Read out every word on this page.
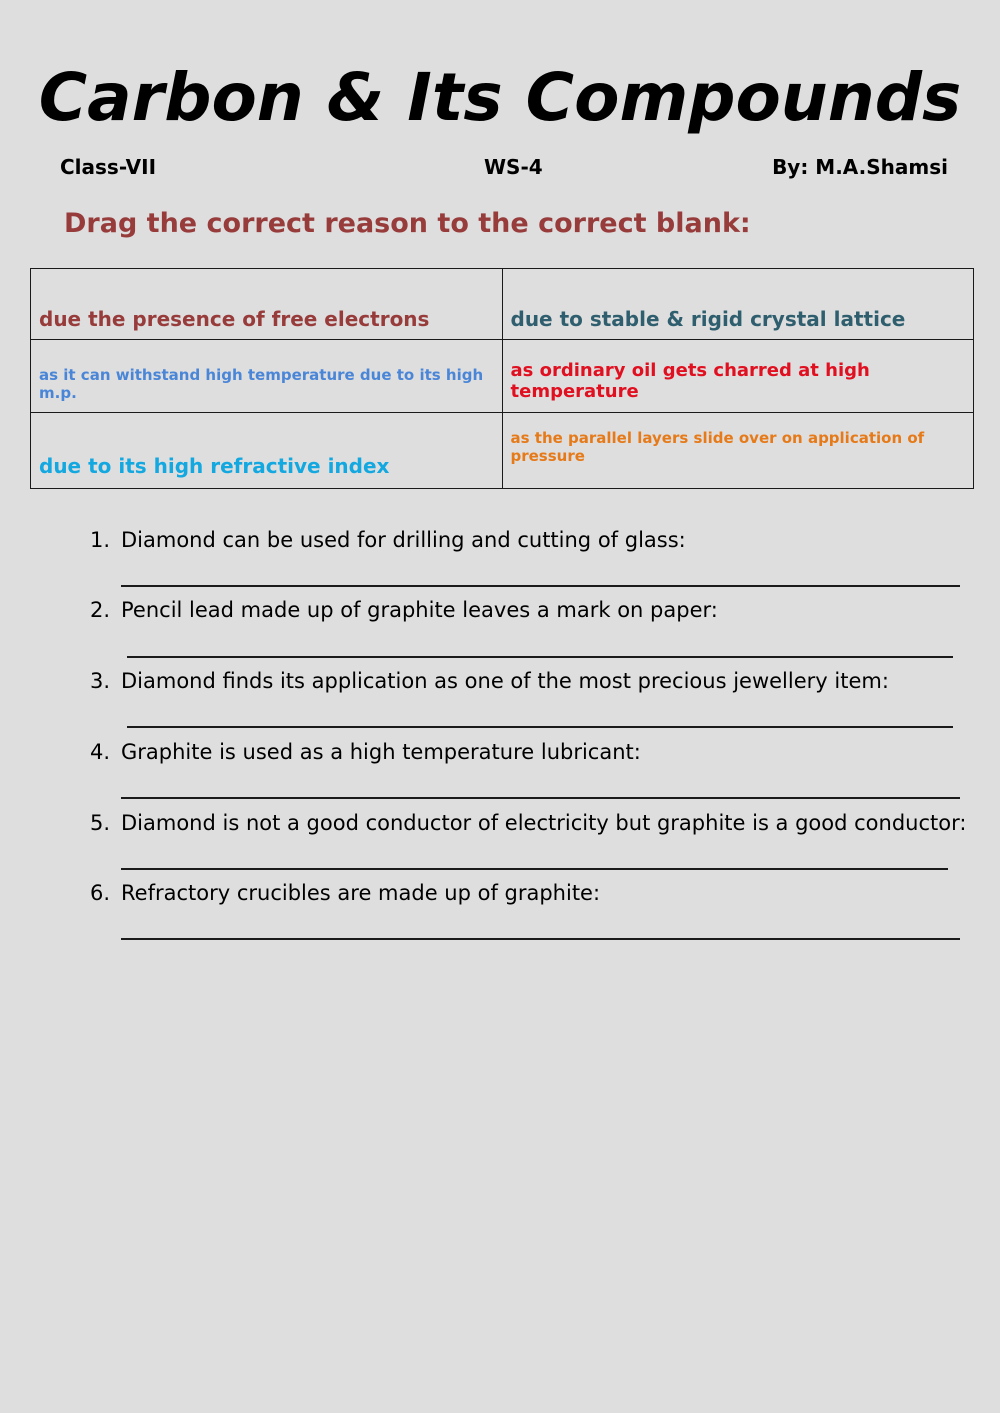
Carbon & Its Compounds
Class-VII	WS-4	By: M.A.Shamsi
Drag the correct reason to the correct blank:
due the presence of free electrons	due to stable & rigid crystal lattice
as it can withstand high temperature due to its high m.p.	as ordinary oil gets charred at high temperature
due to its high refractive index	as the parallel layers slide over on application of pressure
1. Diamond can be used for drilling and cutting of glass:
2. Pencil lead made up of graphite leaves a mark on paper:
3. Diamond finds its application as one of the most precious jewellery item:
4. Graphite is used as a high temperature lubricant:
5. Diamond is not a good conductor of electricity but graphite is a good conductor:
6. Refractory crucibles are made up of graphite:
